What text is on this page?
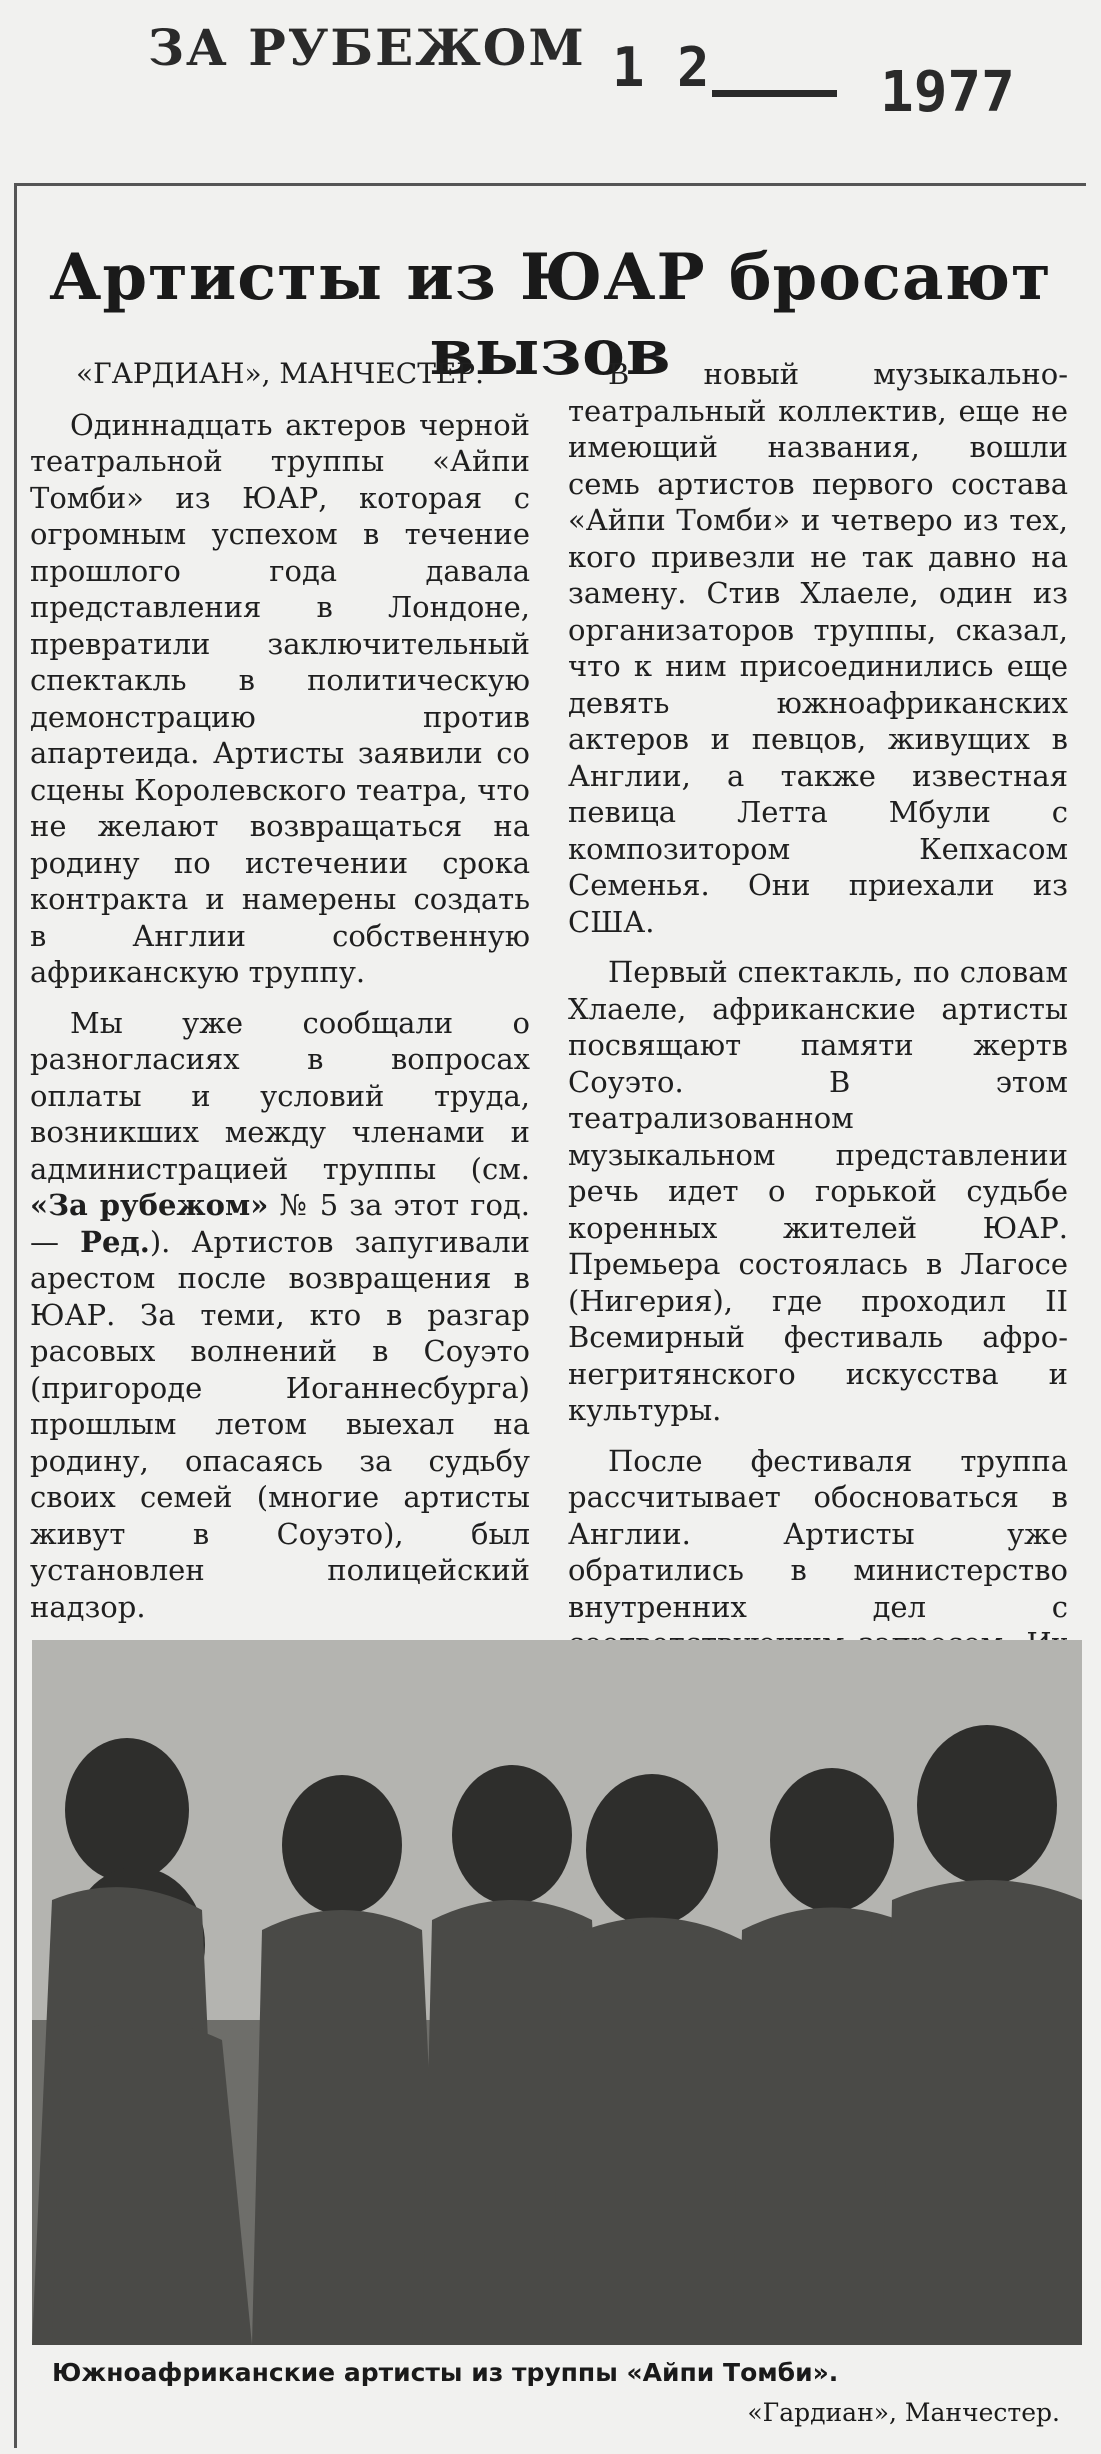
ЗА РУБЕЖОМ 1 2	1977
Артисты из ЮАР бросают вызов
«ГАРДИАН», МАНЧЕСТЕР.

Одиннадцать актеров черной театральной труппы «Айпи Томби» из ЮАР, которая с огромным успехом в течение прошлого года давала представления в Лондоне, превратили заключительный спектакль в политическую демонстрацию против апартеида. Артисты заявили со сцены Королевского театра, что не желают возвращаться на родину по истечении срока контракта и намерены создать в Англии собственную африканскую труппу.

Мы уже сообщали о разногласиях в вопросах оплаты и условий труда, возникших между членами и администрацией труппы (см. «За рубежом» № 5 за этот год.— Ред.). Артистов запугивали арестом после возвращения в ЮАР. За теми, кто в разгар расовых волнений в Соуэто (пригороде Иоганнесбурга) прошлым летом выехал на родину, опасаясь за судьбу своих семей (многие артисты живут в Соуэто), был установлен полицейский надзор.

В новый музыкально-театральный коллектив, еще не имеющий названия, вошли семь артистов первого состава «Айпи Томби» и четверо из тех, кого привезли не так давно на замену. Стив Хлаеле, один из организаторов труппы, сказал, что к ним присоединились еще девять южноафриканских актеров и певцов, живущих в Англии, а также известная певица Летта Мбули с композитором Кепхасом Семенья. Они приехали из США.

Первый спектакль, по словам Хлаеле, африканские артисты посвящают памяти жертв Соуэто. В этом театрализованном музыкальном представлении речь идет о горькой судьбе коренных жителей ЮАР. Премьера состоялась в Лагосе (Нигерия), где проходил II Всемирный фестиваль афро-негритянского искусства и культуры.

После фестиваля труппа рассчитывает обосноваться в Англии. Артисты уже обратились в министерство внутренних дел с

Южноафриканские артисты из труппы «Айпи Томби».
«Гардиан», Манчестер.
